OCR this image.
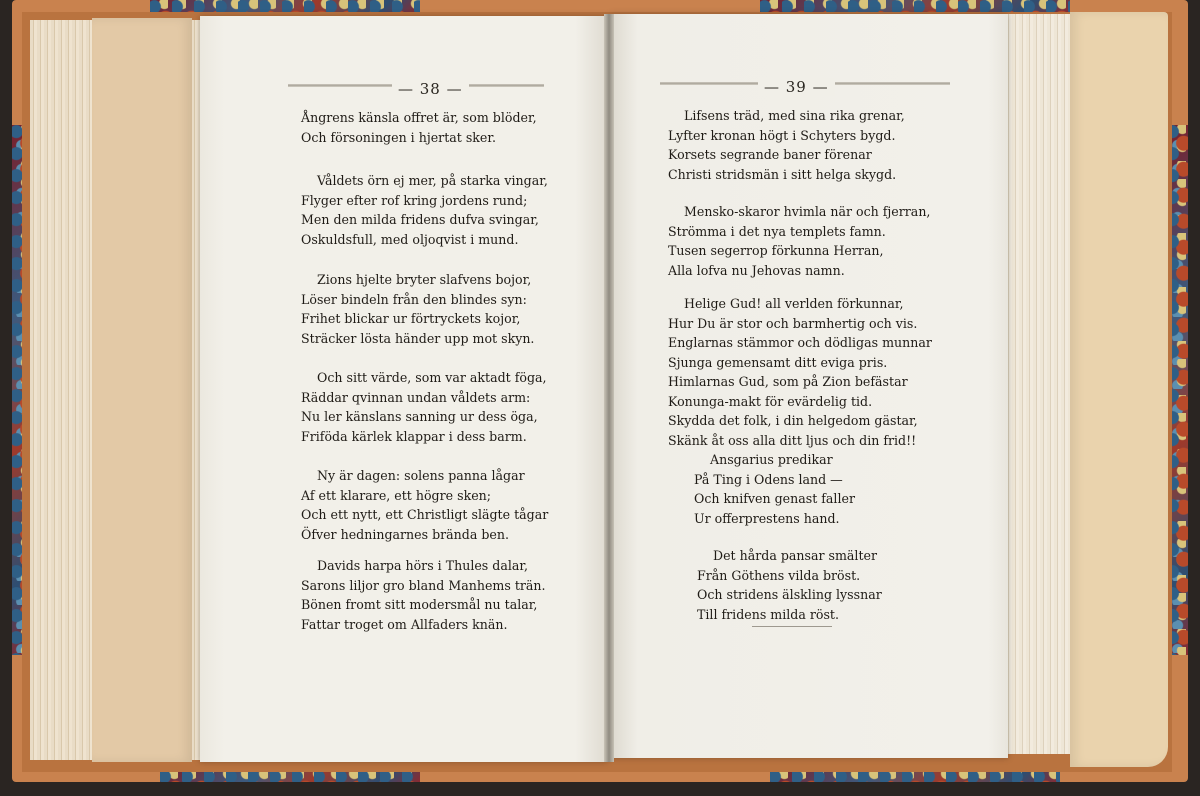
— 38 —
Ångrens känsla offret är, som blöder,
Och försoningen i hjertat sker.
Våldets örn ej mer, på starka vingar,
Flyger efter rof kring jordens rund;
Men den milda fridens dufva svingar,
Oskuldsfull, med oljoqvist i mund.
Zions hjelte bryter slafvens bojor,
Löser bindeln från den blindes syn:
Frihet blickar ur förtryckets kojor,
Sträcker lösta händer upp mot skyn.
Och sitt värde, som var aktadt föga,
Räddar qvinnan undan våldets arm:
Nu ler känslans sanning ur dess öga,
Friföda kärlek klappar i dess barm.
Ny är dagen: solens panna lågar
Af ett klarare, ett högre sken;
Och ett nytt, ett Christligt slägte tågar
Öfver hedningarnes brända ben.
Davids harpa hörs i Thules dalar,
Sarons liljor gro bland Manhems trän.
Bönen fromt sitt modersmål nu talar,
Fattar troget om Allfaders knän.
— 39 —
Lifsens träd, med sina rika grenar,
Lyfter kronan högt i Schyters bygd.
Korsets segrande baner förenar
Christi stridsmän i sitt helga skygd.
Mensko-skaror hvimla när och fjerran,
Strömma i det nya templets famn.
Tusen segerrop förkunna Herran,
Alla lofva nu Jehovas namn.
Helige Gud! all verlden förkunnar,
Hur Du är stor och barmhertig och vis.
Englarnas stämmor och dödligas munnar
Sjunga gemensamt ditt eviga pris.
Himlarnas Gud, som på Zion befästar
Konunga-makt för evärdelig tid.
Skydda det folk, i din helgedom gästar,
Skänk åt oss alla ditt ljus och din frid!!
Ansgarius predikar
På Ting i Odens land —
Och knifven genast faller
Ur offerprestens hand.
Det hårda pansar smälter
Från Göthens vilda bröst.
Och stridens älskling lyssnar
Till fridens milda röst.
